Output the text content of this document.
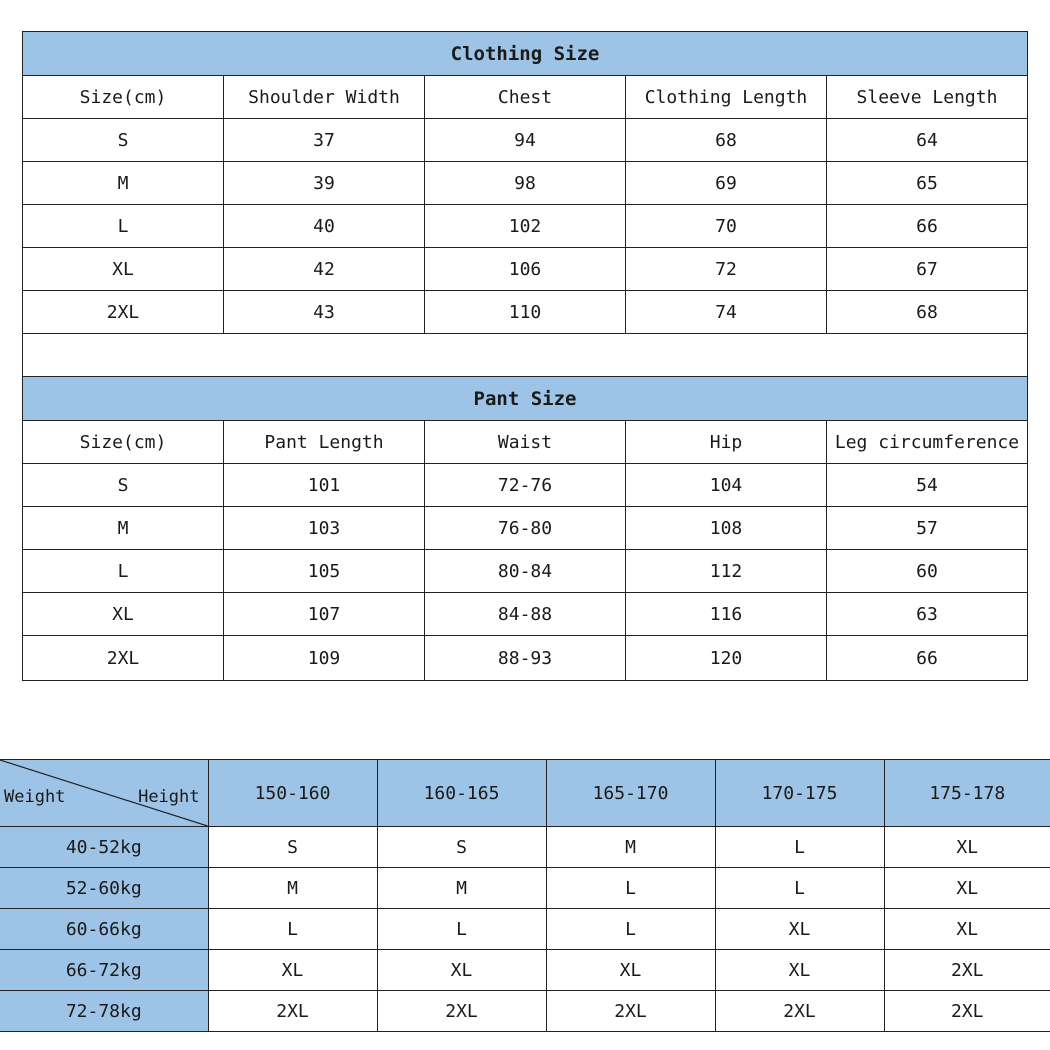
Clothing Size				
Size(cm)	Shoulder Width	Chest	Clothing Length	Sleeve Length
S	37	94	68	64
M	39	98	69	65
L	40	102	70	66
XL	42	106	72	67
2XL	43	110	74	68

Pant Size				
Size(cm)	Pant Length	Waist	Hip	Leg circumference
S	101	72-76	104	54
M	103	76-80	108	57
L	105	80-84	112	60
XL	107	84-88	116	63
2XL	109	88-93	120	66
Weight Height	150-160	160-165	165-170	170-175	175-178
40-52kg	S	S	M	L	XL
52-60kg	M	M	L	L	XL
60-66kg	L	L	L	XL	XL
66-72kg	XL	XL	XL	XL	2XL
72-78kg	2XL	2XL	2XL	2XL	2XL
